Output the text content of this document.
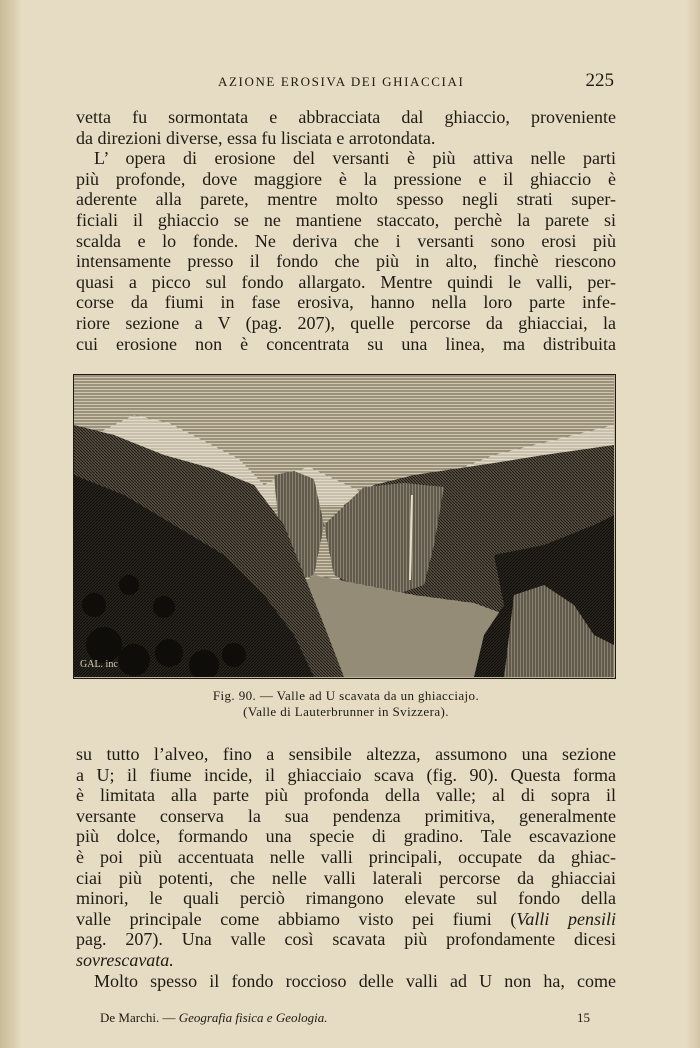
AZIONE EROSIVA DEI GHIACCIAI	225
vetta fu sormontata e abbracciata dal ghiaccio, proveniente
da direzioni diverse, essa fu lisciata e arrotondata.
L’ opera di erosione del versanti è più attiva nelle parti
più profonde, dove maggiore è la pressione e il ghiaccio è
aderente alla parete, mentre molto spesso negli strati super-
ficiali il ghiaccio se ne mantiene staccato, perchè la parete si
scalda e lo fonde. Ne deriva che i versanti sono erosi più
intensamente presso il fondo che più in alto, finchè riescono
quasi a picco sul fondo allargato. Mentre quindi le valli, per-
corse da fiumi in fase erosiva, hanno nella loro parte infe-
riore sezione a V (pag. 207), quelle percorse da ghiacciai, la
cui erosione non è concentrata su una linea, ma distribuita
GAL. inc
Fig. 90. — Valle ad U scavata da un ghiacciajo.
(Valle di Lauterbrunner in Svizzera).
su tutto l’alveo, fino a sensibile altezza, assumono una sezione
a U; il fiume incide, il ghiacciaio scava (fig. 90). Questa forma
è limitata alla parte più profonda della valle; al di sopra il
versante conserva la sua pendenza primitiva, generalmente
più dolce, formando una specie di gradino. Tale escavazione
è poi più accentuata nelle valli principali, occupate da ghiac-
ciai più potenti, che nelle valli laterali percorse da ghiacciai
minori, le quali perciò rimangono elevate sul fondo della
valle principale come abbiamo visto pei fiumi (Valli pensili
pag. 207). Una valle così scavata più profondamente dicesi
sovrescavata.
Molto spesso il fondo roccioso delle valli ad U non ha, come
De Marchi. — Geografia fisica e Geologia.	15
